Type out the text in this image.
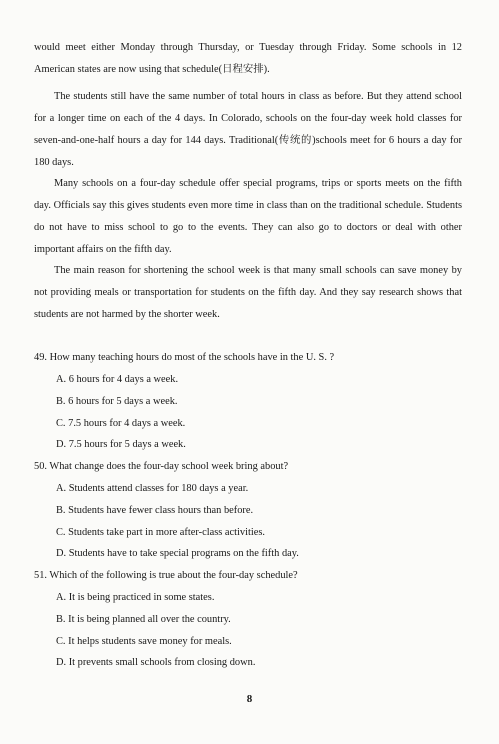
would meet either Monday through Thursday, or Tuesday through Friday. Some schools in 12 American states are now using that schedule(日程安排).

The students still have the same number of total hours in class as before. But they attend school for a longer time on each of the 4 days. In Colorado, schools on the four-day week hold classes for seven-and-one-half hours a day for 144 days. Traditional(传统的)schools meet for 6 hours a day for 180 days.

Many schools on a four-day schedule offer special programs, trips or sports meets on the fifth day. Officials say this gives students even more time in class than on the traditional schedule. Students do not have to miss school to go to the events. They can also go to doctors or deal with other important affairs on the fifth day.

The main reason for shortening the school week is that many small schools can save money by not providing meals or transportation for students on the fifth day. And they say research shows that students are not harmed by the shorter week.

49. How many teaching hours do most of the schools have in the U. S. ?

A. 6 hours for 4 days a week.

B. 6 hours for 5 days a week.

C. 7.5 hours for 4 days a week.

D. 7.5 hours for 5 days a week.

50. What change does the four-day school week bring about?

A. Students attend classes for 180 days a year.

B. Students have fewer class hours than before.

C. Students take part in more after-class activities.

D. Students have to take special programs on the fifth day.

51. Which of the following is true about the four-day schedule?

A. It is being practiced in some states.

B. It is being planned all over the country.

C. It helps students save money for meals.

D. It prevents small schools from closing down.

8
